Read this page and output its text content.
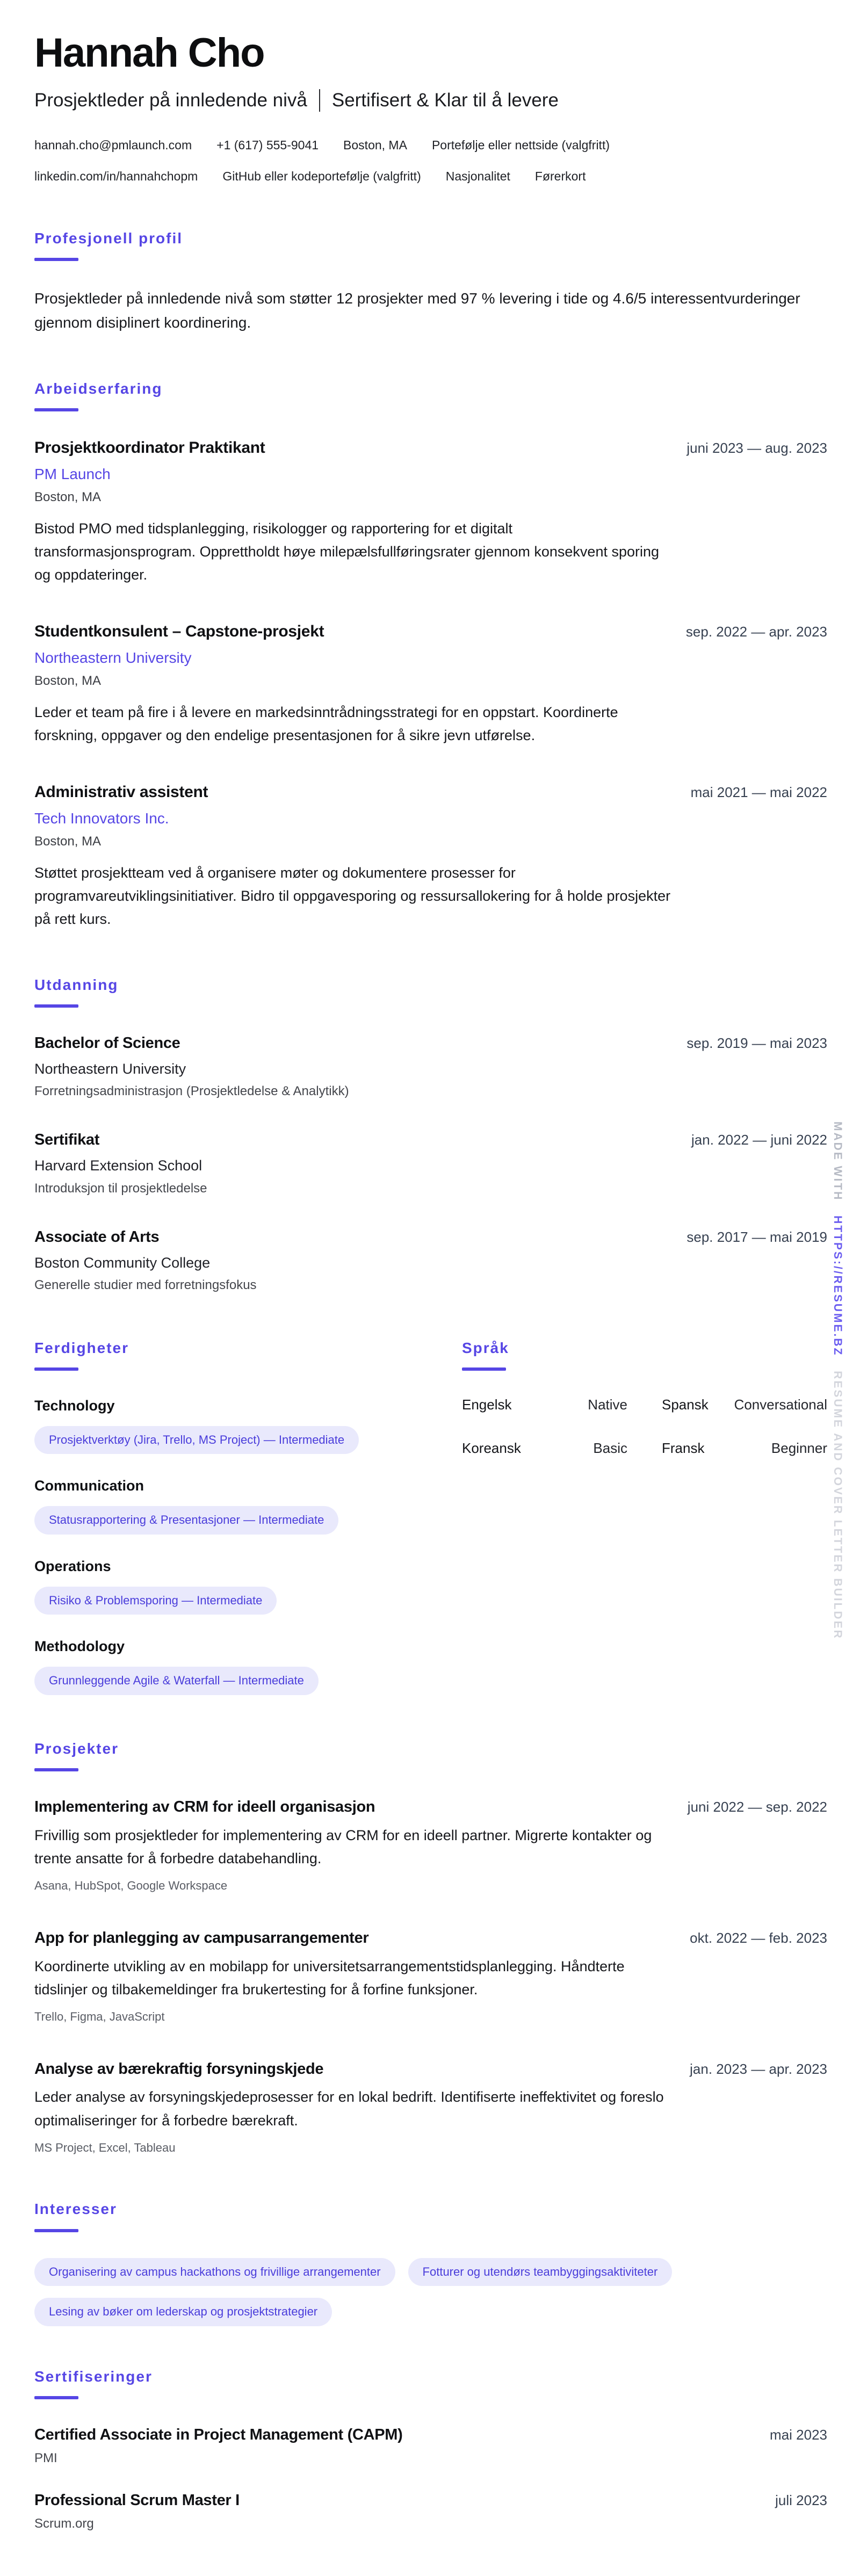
Hannah Cho
Prosjektleder på innledende nivå Sertifisert & Klar til å levere
hannah.cho@pmlaunch.com +1 (617) 555-9041 Boston, MA Portefølje eller nettside (valgfritt)
linkedin.com/in/hannahchopm GitHub eller kodeportefølje (valgfritt) Nasjonalitet Førerkort
Profesjonell profil

Prosjektleder på innledende nivå som støtter 12 prosjekter med 97 % levering i tide og 4.6/5 interessentvurderinger gjennom disiplinert koordinering.

Arbeidserfaring
Prosjektkoordinator Praktikant	juni 2023 — aug. 2023
PM Launch
Boston, MA

Bistod PMO med tidsplanlegging, risikologger og rapportering for et digitalt transformasjonsprogram. Opprettholdt høye milepælsfullføringsrater gjennom konsekvent sporing og oppdateringer.

Studentkonsulent – Capstone-prosjekt	sep. 2022 — apr. 2023
Northeastern University
Boston, MA

Leder et team på fire i å levere en markedsinntrådningsstrategi for en oppstart. Koordinerte forskning, oppgaver og den endelige presentasjonen for å sikre jevn utførelse.

Administrativ assistent	mai 2021 — mai 2022
Tech Innovators Inc.
Boston, MA

Støttet prosjektteam ved å organisere møter og dokumentere prosesser for programvareutviklingsinitiativer. Bidro til oppgavesporing og ressursallokering for å holde prosjekter på rett kurs.

Utdanning
Bachelor of Science	sep. 2019 — mai 2023
Northeastern University
Forretningsadministrasjon (Prosjektledelse & Analytikk)
Sertifikat	jan. 2022 — juni 2022
Harvard Extension School
Introduksjon til prosjektledelse
Associate of Arts	sep. 2017 — mai 2019
Boston Community College
Generelle studier med forretningsfokus
Ferdigheter
Technology
Prosjektverktøy (Jira, Trello, MS Project) — Intermediate
Communication
Statusrapportering & Presentasjoner — Intermediate
Operations
Risiko & Problemsporing — Intermediate
Methodology
Grunnleggende Agile & Waterfall — Intermediate
Språk
Engelsk	Native Spansk Conversational
Koreansk	Basic Fransk	Beginner
Prosjekter
Implementering av CRM for ideell organisasjon	juni 2022 — sep. 2022

Frivillig som prosjektleder for implementering av CRM for en ideell partner. Migrerte kontakter og trente ansatte for å forbedre databehandling.

Asana, HubSpot, Google Workspace
App for planlegging av campusarrangementer	okt. 2022 — feb. 2023

Koordinerte utvikling av en mobilapp for universitetsarrangementstidsplanlegging. Håndterte tidslinjer og tilbakemeldinger fra brukertesting for å forfine funksjoner.

Trello, Figma, JavaScript
Analyse av bærekraftig forsyningskjede	jan. 2023 — apr. 2023

Leder analyse av forsyningskjedeprosesser for en lokal bedrift. Identifiserte ineffektivitet og foreslo optimaliseringer for å forbedre bærekraft.

MS Project, Excel, Tableau
Interesser
Organisering av campus hackathons og frivillige arrangementer	Fotturer og utendørs teambyggingsaktiviteter
Lesing av bøker om lederskap og prosjektstrategier
Sertifiseringer
Certified Associate in Project Management (CAPM)	mai 2023
PMI
Professional Scrum Master I	juli 2023
Scrum.org
MADE WITH HTTPS://RESUME.BZ RESUME AND COVER LETTER BUILDER
